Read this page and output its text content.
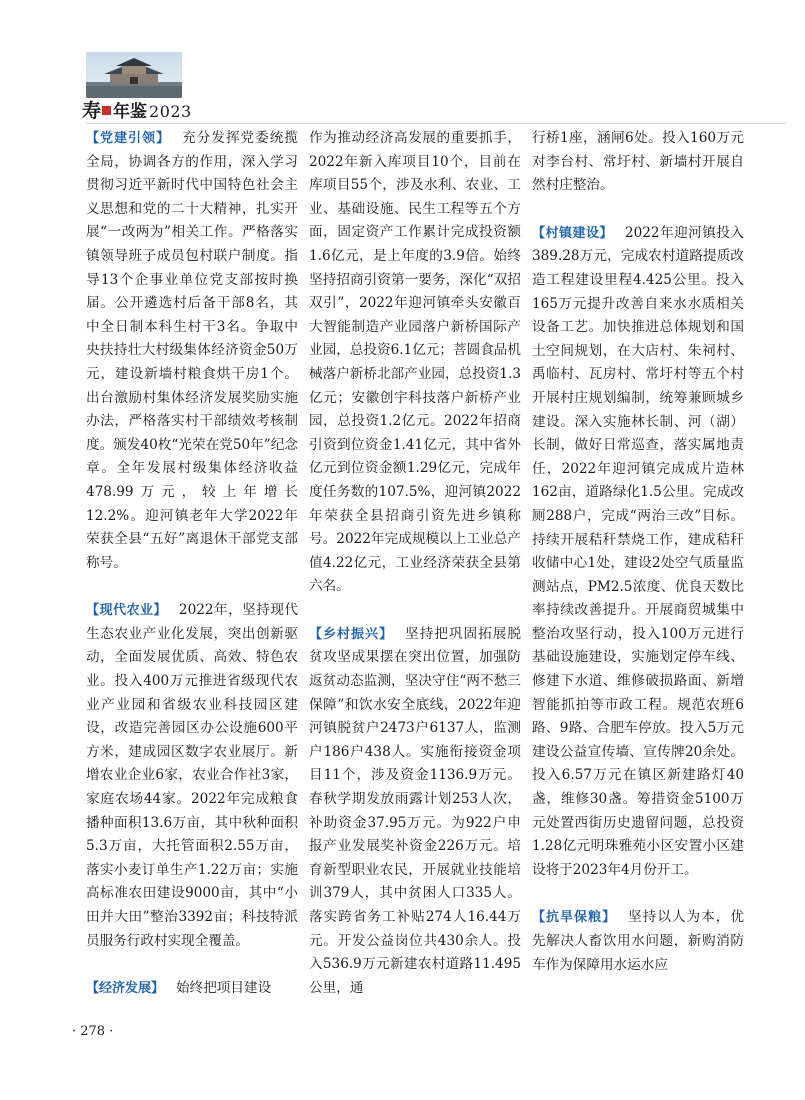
寿 年鉴 2023

【党建引领】 充分发挥党委统揽全局，协调各方的作用，深入学习贯彻习近平新时代中国特色社会主义思想和党的二十大精神，扎实开展“一改两为”相关工作。严格落实镇领导班子成员包村联户制度。指导13个企事业单位党支部按时换届。公开遴选村后备干部8名，其中全日制本科生村干3名。争取中央扶持壮大村级集体经济资金50万元，建设新墙村粮食烘干房1个。出台激励村集体经济发展奖励实施办法，严格落实村干部绩效考核制度。颁发40枚“光荣在党50年”纪念章。全年发展村级集体经济收益478.99万元，较上年增长12.2%。迎河镇老年大学2022年荣获全县“五好”离退休干部党支部称号。

【现代农业】 2022年，坚持现代生态农业产业化发展，突出创新驱动，全面发展优质、高效、特色农业。投入400万元推进省级现代农业产业园和省级农业科技园区建设，改造完善园区办公设施600平方米，建成园区数字农业展厅。新增农业企业6家，农业合作社3家，家庭农场44家。2022年完成粮食播种面积13.6万亩，其中秋种面积5.3万亩，大托管面积2.55万亩，落实小麦订单生产1.22万亩；实施高标准农田建设9000亩，其中“小田并大田”整治3392亩；科技特派员服务行政村实现全覆盖。

【经济发展】 始终把项目建设

作为推动经济高发展的重要抓手，2022年新入库项目10个，目前在库项目55个，涉及水利、农业、工业、基础设施、民生工程等五个方面，固定资产工作累计完成投资额1.6亿元，是上年度的3.9倍。始终坚持招商引资第一要务，深化“双招双引”，2022年迎河镇牵头安徽百大智能制造产业园落户新桥国际产业园，总投资6.1亿元；菩圆食品机械落户新桥北部产业园，总投资1.3亿元；安徽创宇科技落户新桥产业园，总投资1.2亿元。2022年招商引资到位资金1.41亿元，其中省外亿元到位资金额1.29亿元，完成年度任务数的107.5%，迎河镇2022年荣获全县招商引资先进乡镇称号。2022年完成规模以上工业总产值4.22亿元，工业经济荣获全县第六名。

【乡村振兴】 坚持把巩固拓展脱贫攻坚成果摆在突出位置，加强防返贫动态监测，坚决守住“两不愁三保障”和饮水安全底线，2022年迎河镇脱贫户2473户6137人，监测户186户438人。实施衔接资金项目11个，涉及资金1136.9万元。春秋学期发放雨露计划253人次，补助资金37.95万元。为922户申报产业发展奖补资金226万元。培育新型职业农民，开展就业技能培训379人，其中贫困人口335人。落实跨省务工补贴274人16.44万元。开发公益岗位共430余人。投入536.9万元新建农村道路11.495公里，通

行桥1座，涵闸6处。投入160万元对李台村、常圩村、新墙村开展自然村庄整治。

【村镇建设】 2022年迎河镇投入389.28万元，完成农村道路提质改造工程建设里程4.425公里。投入165万元提升改善自来水水质相关设备工艺。加快推进总体规划和国土空间规划，在大店村、朱祠村、禹临村、瓦房村、常圩村等五个村开展村庄规划编制，统筹兼顾城乡建设。深入实施林长制、河（湖）长制，做好日常巡查，落实属地责任，2022年迎河镇完成成片造林162亩，道路绿化1.5公里。完成改厕288户，完成“两治三改”目标。持续开展秸秆禁烧工作，建成秸秆收储中心1处，建设2处空气质量监测站点，PM2.5浓度、优良天数比率持续改善提升。开展商贸城集中整治攻坚行动，投入100万元进行基础设施建设，实施划定停车线、修建下水道、维修破损路面、新增智能抓拍等市政工程。规范农班6路、9路、合肥车停放。投入5万元建设公益宣传墙、宣传牌20余处。投入6.57万元在镇区新建路灯40盏，维修30盏。筹措资金5100万元处置西街历史遗留问题，总投资1.28亿元明珠雅苑小区安置小区建设将于2023年4月份开工。

【抗旱保粮】 坚持以人为本，优先解决人畜饮用水问题，新购消防车作为保障用水运水应

· 278 ·
